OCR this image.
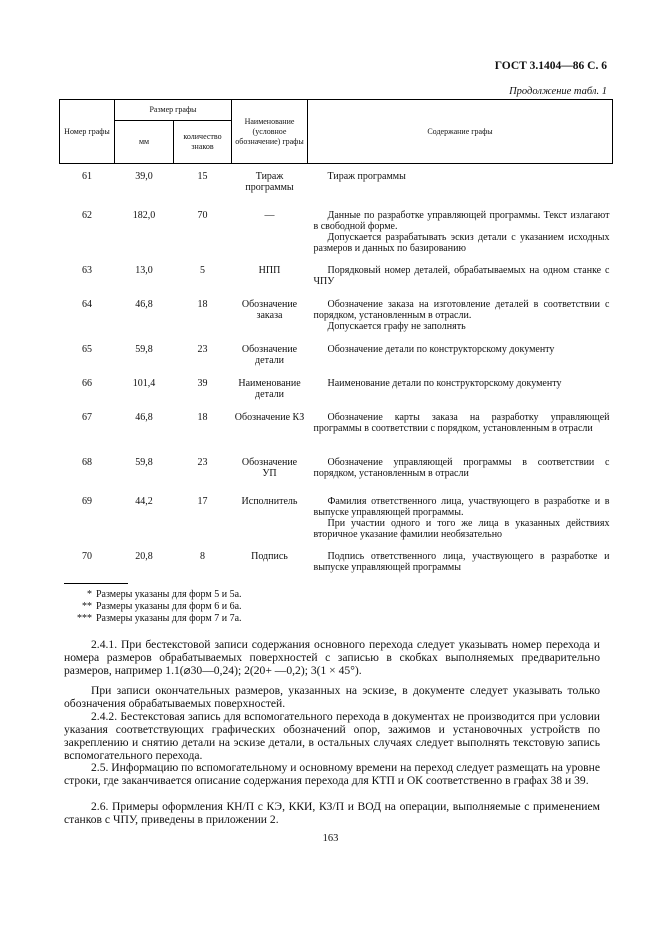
ГОСТ 3.1404—86 С. 6
Продолжение табл. 1
Номер графы	Размер графы		Наименование (условное обозначение) графы	Содержание графы
	мм	количество знаков		
61	39,0	15	Тираж программы	Тираж программы

62	182,0	70	—	Данные по разработке управляющей программы. Текст излагают в свободной форме.
Допускается разрабатывать эскиз детали с указанием исходных размеров и данных по базированию

63	13,0	5	НПП	Порядковый номер деталей, обрабатываемых на одном станке с ЧПУ

64	46,8	18	Обозначение заказа	Обозначение заказа на изготовление деталей в соответствии с порядком, установленным в отрасли.
Допускается графу не заполнять

65	59,8	23	Обозначение детали	Обозначение детали по конструкторскому документу

66	101,4	39	Наименование детали	Наименование детали по конструкторскому документу

67	46,8	18	Обозначение КЗ	Обозначение карты заказа на разработку управляющей программы в соответствии с порядком, установленным в отрасли

68	59,8	23	Обозначение УП	Обозначение управляющей программы в соответствии с порядком, установленным в отрасли

69	44,2	17	Исполнитель	Фамилия ответственного лица, участвующего в разработке и в выпуске управляющей программы.
При участии одного и того же лица в указанных действиях вторичное указание фамилии необязательно

70	20,8	8	Подпись	Подпись ответственного лица, участвующего в разработке и выпуске управляющей программы
* Размеры указаны для форм 5 и 5а.
** Размеры указаны для форм 6 и 6а.
*** Размеры указаны для форм 7 и 7а.

2.4.1. При бестекстовой записи содержания основного перехода следует указывать номер перехода и номера размеров обрабатываемых поверхностей с записью в скобках выполняемых предварительно размеров, например 1.1(⌀30—0,24); 2(20+ —0,2); 3(1 × 45°).

При записи окончательных размеров, указанных на эскизе, в документе следует указывать только обозначения обрабатываемых поверхностей.

2.4.2. Бестекстовая запись для вспомогательного перехода в документах не производится при условии указания соответствующих графических обозначений опор, зажимов и установочных устройств по закреплению и снятию детали на эскизе детали, в остальных случаях следует выполнять текстовую запись вспомогательного перехода.

2.5. Информацию по вспомогательному и основному времени на переход следует размещать на уровне строки, где заканчивается описание содержания перехода для КТП и ОК соответственно в графах 38 и 39.

2.6. Примеры оформления КН/П с КЭ, ККИ, КЗ/П и ВОД на операции, выполняемые с применением станков с ЧПУ, приведены в приложении 2.

163
